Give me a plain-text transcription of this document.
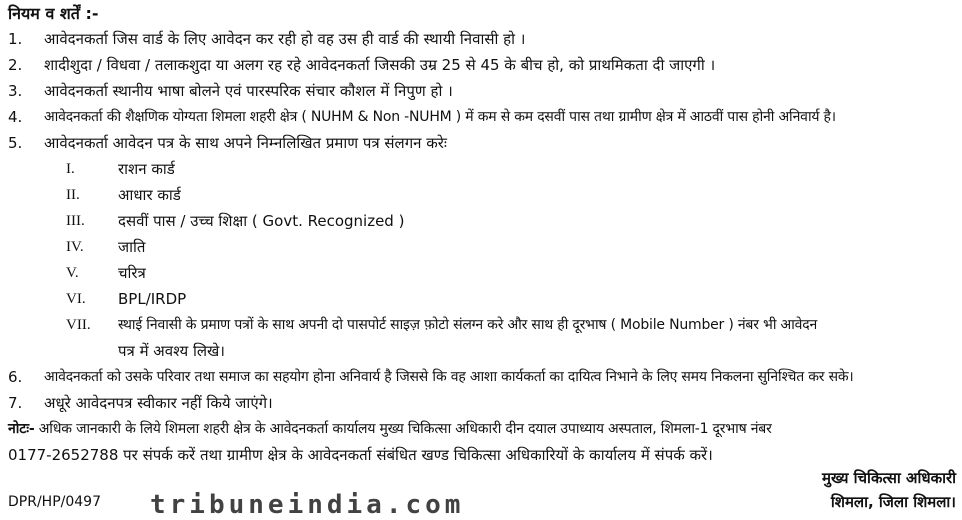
नियम व शर्तें :-
1. आवेदनकर्ता जिस वार्ड के लिए आवेदन कर रही हो वह उस ही वार्ड की स्थायी निवासी हो ।
2. शादीशुदा / विधवा / तलाकशुदा या अलग रह रहे आवेदनकर्ता जिसकी उम्र 25 से 45 के बीच हो, को प्राथमिकता दी जाएगी ।
3. आवेदनकर्ता स्थानीय भाषा बोलने एवं पारस्परिक संचार कौशल में निपुण हो ।
4. आवेदनकर्ता की शैक्षणिक योग्यता शिमला शहरी क्षेत्र ( NUHM & Non -NUHM ) में कम से कम दसवीं पास तथा ग्रामीण क्षेत्र में आठवीं पास होनी अनिवार्य है।
5. आवेदनकर्ता आवेदन पत्र के साथ अपने निम्नलिखित प्रमाण पत्र संलगन करेः
I.	राशन कार्ड
II.	आधार कार्ड
III. दसवीं पास / उच्च शिक्षा ( Govt. Recognized )
IV. जाति
V.	चरित्र
VI. BPL/IRDP
VII. स्थाई निवासी के प्रमाण पत्रों के साथ अपनी दो पासपोर्ट साइज़ फ़ोटो संलग्न करे और साथ ही दूरभाष ( Mobile Number ) नंबर भी आवेदन
पत्र में अवश्य लिखे।
6. आवेदनकर्ता को उसके परिवार तथा समाज का सहयोग होना अनिवार्य है जिससे कि वह आशा कार्यकर्ता का दायित्व निभाने के लिए समय निकलना सुनिश्चित कर सके।
7. अधूरे आवेदनपत्र स्वीकार नहीं किये जाएंगे।
नोटः- अधिक जानकारी के लिये शिमला शहरी क्षेत्र के आवेदनकर्ता कार्यालय मुख्य चिकित्सा अधिकारी दीन दयाल उपाध्याय अस्पताल, शिमला-1 दूरभाष नंबर
0177-2652788 पर संपर्क करें तथा ग्रामीण क्षेत्र के आवेदनकर्ता संबंधित खण्ड चिकित्सा अधिकारियों के कार्यालय में संपर्क करें।
मुख्य चिकित्सा अधिकारी
शिमला, जिला शिमला।
DPR/HP/0497 tribuneindia.com
